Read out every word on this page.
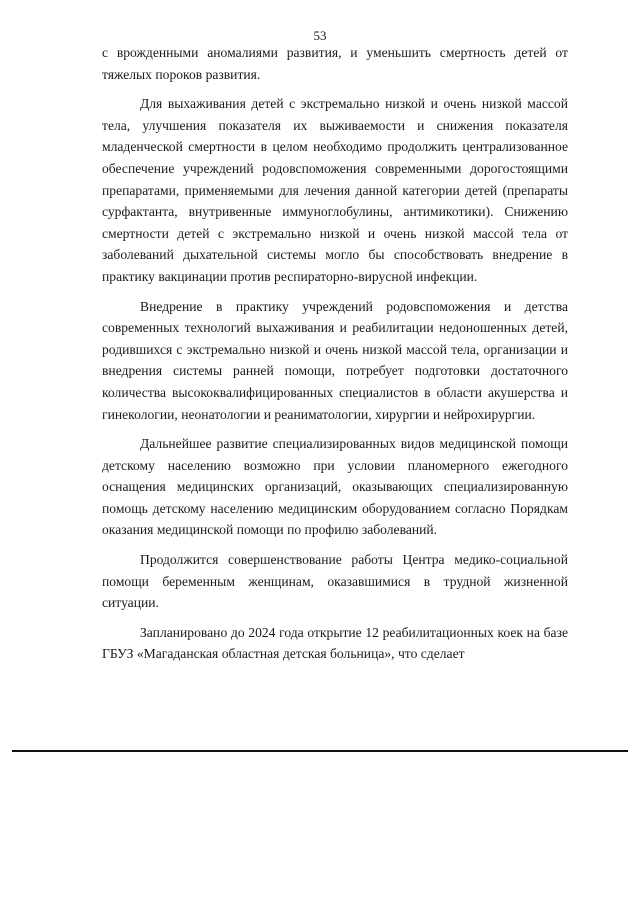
53

с врожденными аномалиями развития, и уменьшить смертность детей от тяжелых пороков развития.

Для выхаживания детей с экстремально низкой и очень низкой массой тела, улучшения показателя их выживаемости и снижения показателя младенческой смертности в целом необходимо продолжить централизованное обеспечение учреждений родовспоможения современными дорогостоящими препаратами, применяемыми для лечения данной категории детей (препараты сурфактанта, внутривенные иммуноглобулины, антимикотики). Снижению смертности детей с экстремально низкой и очень низкой массой тела от заболеваний дыхательной системы могло бы способствовать внедрение в практику вакцинации против респираторно-вирусной инфекции.

Внедрение в практику учреждений родовспоможения и детства современных технологий выхаживания и реабилитации недоношенных детей, родившихся с экстремально низкой и очень низкой массой тела, организации и внедрения системы ранней помощи, потребует подготовки достаточного количества высококвалифицированных специалистов в области акушерства и гинекологии, неонатологии и реаниматологии, хирургии и нейрохирургии.

Дальнейшее развитие специализированных видов медицинской помощи детскому населению возможно при условии планомерного ежегодного оснащения медицинских организаций, оказывающих специализированную помощь детскому населению медицинским оборудованием согласно Порядкам оказания медицинской помощи по профилю заболеваний.

Продолжится совершенствование работы Центра медико-социальной помощи беременным женщинам, оказавшимися в трудной жизненной ситуации.

Запланировано до 2024 года открытие 12 реабилитационных коек на базе ГБУЗ «Магаданская областная детская больница», что сделает
